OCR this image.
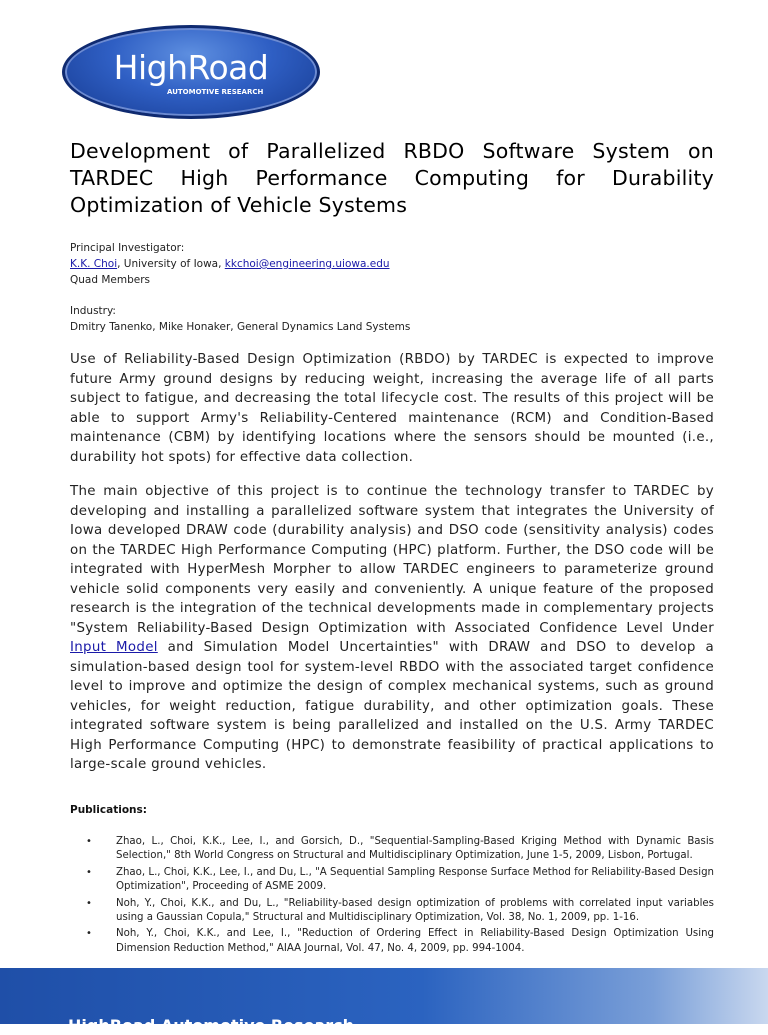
HighRoad
AUTOMOTIVE RESEARCH
Development of Parallelized RBDO Software System on TARDEC High Performance Computing for Durability Optimization of Vehicle Systems
Principal Investigator:
K.K. Choi, University of Iowa, kkchoi@engineering.uiowa.edu
Quad Members
Industry:
Dmitry Tanenko, Mike Honaker, General Dynamics Land Systems

Use of Reliability-Based Design Optimization (RBDO) by TARDEC is expected to improve future Army ground designs by reducing weight, increasing the average life of all parts subject to fatigue, and decreasing the total lifecycle cost. The results of this project will be able to support Army's Reliability-Centered maintenance (RCM) and Condition-Based maintenance (CBM) by identifying locations where the sensors should be mounted (i.e., durability hot spots) for effective data collection.

The main objective of this project is to continue the technology transfer to TARDEC by developing and installing a parallelized software system that integrates the University of Iowa developed DRAW code (durability analysis) and DSO code (sensitivity analysis) codes on the TARDEC High Performance Computing (HPC) platform. Further, the DSO code will be integrated with HyperMesh Morpher to allow TARDEC engineers to parameterize ground vehicle solid components very easily and conveniently. A unique feature of the proposed research is the integration of the technical developments made in complementary projects "System Reliability-Based Design Optimization with Associated Confidence Level Under Input Model and Simulation Model Uncertainties" with DRAW and DSO to develop a simulation-based design tool for system-level RBDO with the associated target confidence level to improve and optimize the design of complex mechanical systems, such as ground vehicles, for weight reduction, fatigue durability, and other optimization goals. These integrated software system is being parallelized and installed on the U.S. Army TARDEC High Performance Computing (HPC) to demonstrate feasibility of practical applications to large-scale ground vehicles.

Publications:
• Zhao, L., Choi, K.K., Lee, I., and Gorsich, D., "Sequential-Sampling-Based Kriging Method with Dynamic Basis Selection," 8th World Congress on Structural and Multidisciplinary Optimization, June 1-5, 2009, Lisbon, Portugal.
• Zhao, L., Choi, K.K., Lee, I., and Du, L., "A Sequential Sampling Response Surface Method for Reliability-Based Design Optimization", Proceeding of ASME 2009.
• Noh, Y., Choi, K.K., and Du, L., "Reliability-based design optimization of problems with correlated input variables using a Gaussian Copula," Structural and Multidisciplinary Optimization, Vol. 38, No. 1, 2009, pp. 1-16.
• Noh, Y., Choi, K.K., and Lee, I., "Reduction of Ordering Effect in Reliability-Based Design Optimization Using Dimension Reduction Method," AIAA Journal, Vol. 47, No. 4, 2009, pp. 994-1004.
HighRoad Automotive Research
